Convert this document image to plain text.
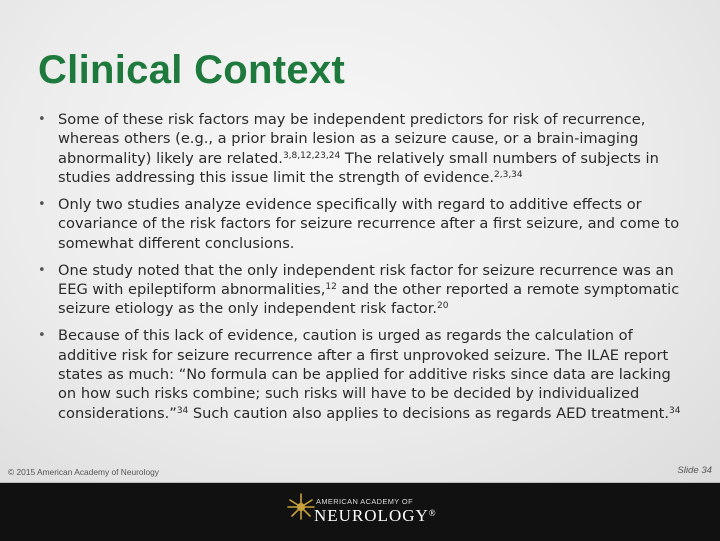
Clinical Context
• Some of these risk factors may be independent predictors for risk of recurrence, whereas others (e.g., a prior brain lesion as a seizure cause, or a brain-imaging abnormality) likely are related.$^{3,8,12,23,24}$ The relatively small numbers of subjects in studies addressing this issue limit the strength of evidence.$^{2,3,34}$
• Only two studies analyze evidence specifically with regard to additive effects or covariance of the risk factors for seizure recurrence after a first seizure, and come to somewhat different conclusions.
• One study noted that the only independent risk factor for seizure recurrence was an EEG with epileptiform abnormalities,$^{12}$ and the other reported a remote symptomatic seizure etiology as the only independent risk factor.$^{20}$
• Because of this lack of evidence, caution is urged as regards the calculation of additive risk for seizure recurrence after a first unprovoked seizure. The ILAE report states as much: “No formula can be applied for additive risks since data are lacking on how such risks combine; such risks will have to be decided by individualized considerations.”$^{34}$ Such caution also applies to decisions as regards AED treatment.$^{34}$
© 2015 American Academy of Neurology	Slide 34
AMERICAN ACADEMY OF
NEUROLOGY®
